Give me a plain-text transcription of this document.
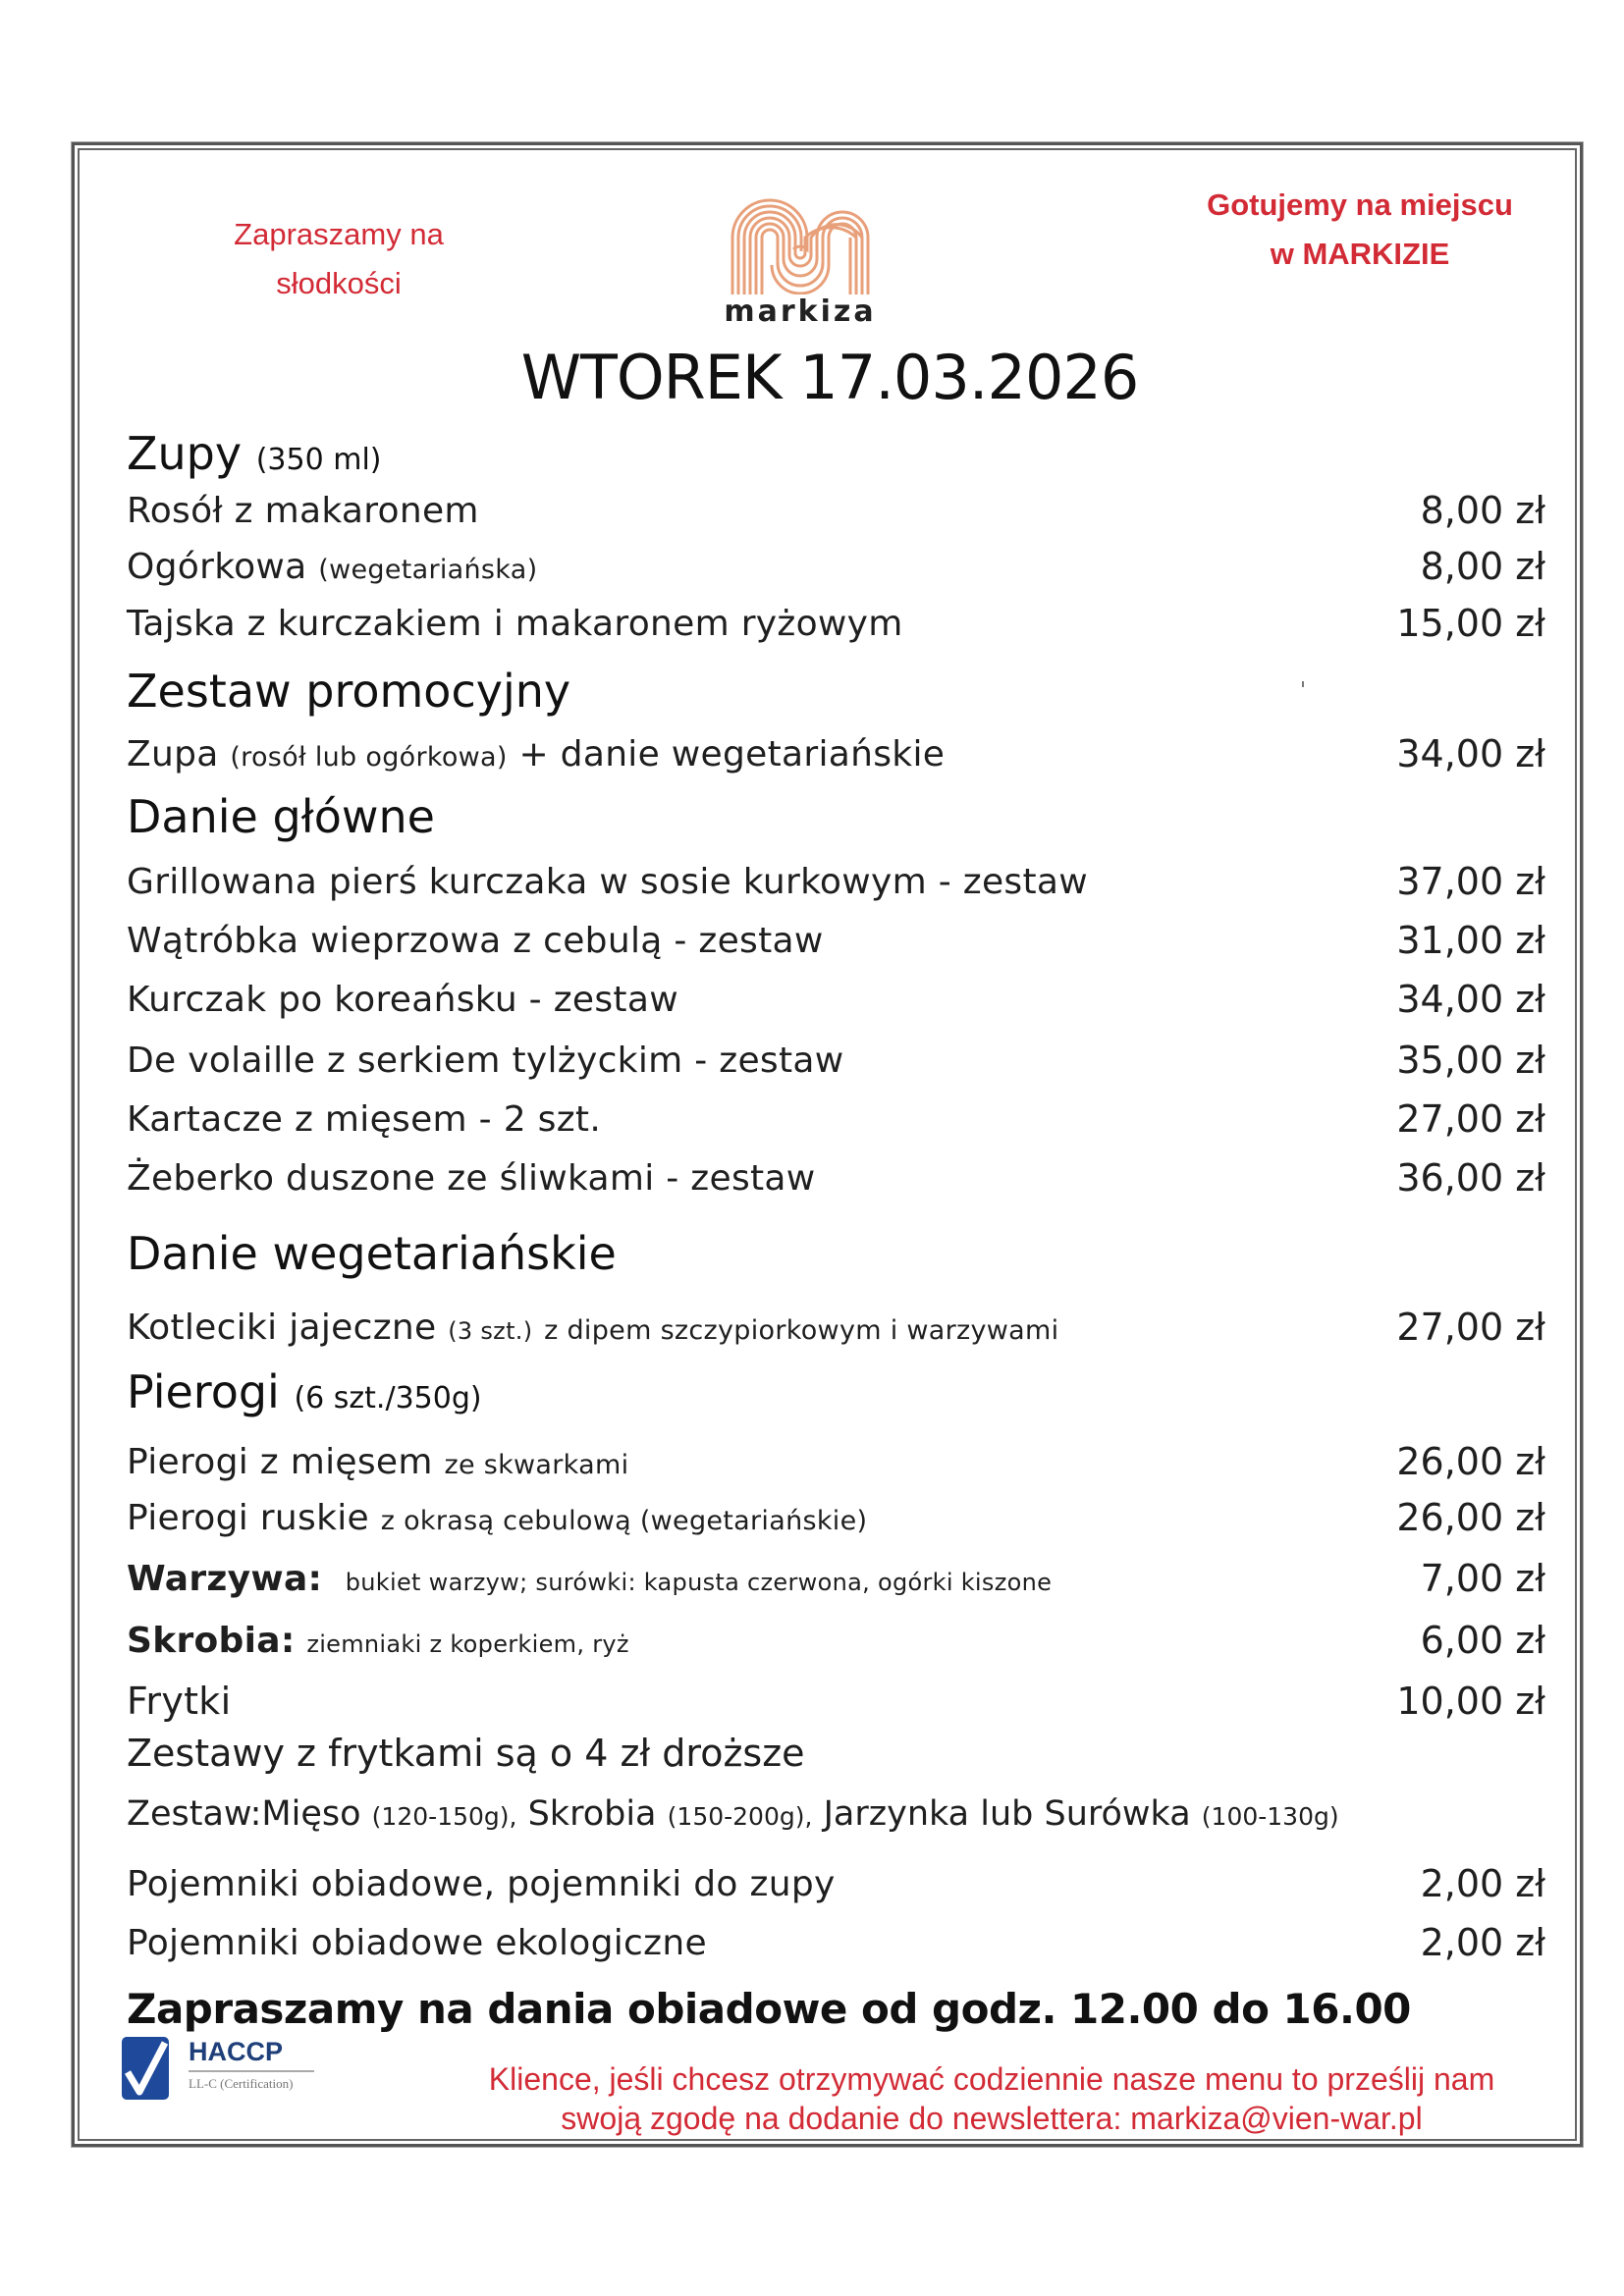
Zapraszamy na
słodkości
markiza
Gotujemy na miejscu
w MARKIZIE
WTOREK 17.03.2026
Zupy (350 ml)
Rosół z makaronem	8,00 zł
Ogórkowa (wegetariańska)	8,00 zł
Tajska z kurczakiem i makaronem ryżowym	15,00 zł
Zestaw promocyjny
Zupa (rosół lub ogórkowa) + danie wegetariańskie	34,00 zł
Danie główne
Grillowana pierś kurczaka w sosie kurkowym - zestaw	37,00 zł
Wątróbka wieprzowa z cebulą - zestaw	31,00 zł
Kurczak po koreańsku - zestaw	34,00 zł
De volaille z serkiem tylżyckim - zestaw	35,00 zł
Kartacze z mięsem - 2 szt.	27,00 zł
Żeberko duszone ze śliwkami - zestaw	36,00 zł
Danie wegetariańskie
Kotleciki jajeczne (3 szt.) z dipem szczypiorkowym i warzywami	27,00 zł
Pierogi (6 szt./350g)
Pierogi z mięsem ze skwarkami	26,00 zł
Pierogi ruskie z okrasą cebulową (wegetariańskie)	26,00 zł
Warzywa: bukiet warzyw; surówki: kapusta czerwona, ogórki kiszone	7,00 zł
Skrobia: ziemniaki z koperkiem, ryż	6,00 zł
Frytki	10,00 zł
Zestawy z frytkami są o 4 zł droższe
Zestaw:Mięso (120-150g), Skrobia (150-200g), Jarzynka lub Surówka (100-130g)
Pojemniki obiadowe, pojemniki do zupy	2,00 zł
Pojemniki obiadowe ekologiczne	2,00 zł
Zapraszamy na dania obiadowe od godz. 12.00 do 16.00
HACCP
LL-C (Certification)	Klience, jeśli chcesz otrzymywać codziennie nasze menu to prześlij nam
swoją zgodę na dodanie do newslettera: markiza@vien-war.pl
